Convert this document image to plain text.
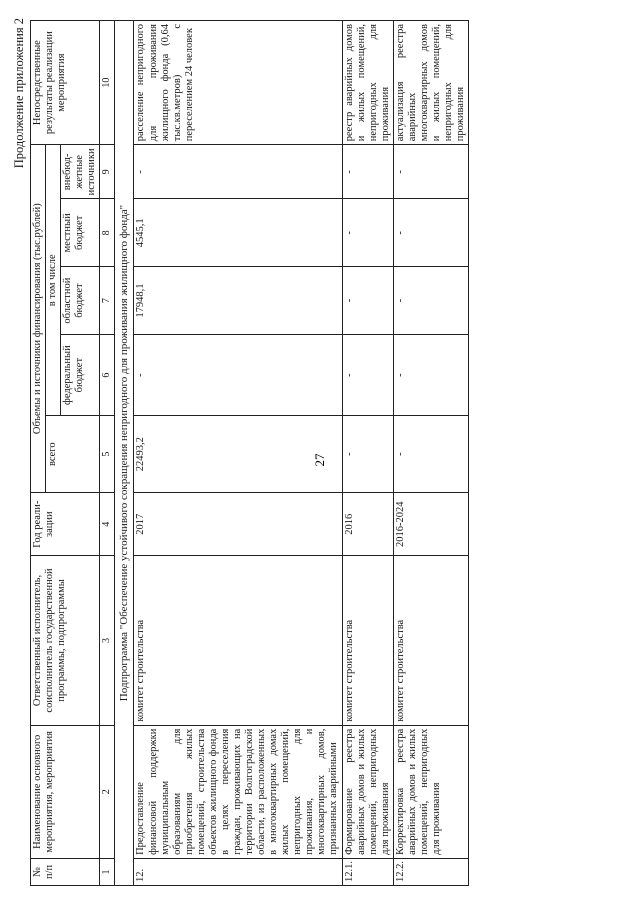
Продолжение приложения 2
№ п/п	Наименование основного мероприятия, мероприятия	Ответственный исполнитель, соисполнитель государственной программы, подпрограммы	Год реали-зации	Объемы и источники финансирования (тыс.рублей)					Непосредственные результаты реализации мероприятия
				всего	в том числе				
					федеральный бюджет	областной бюджет	местный бюджет	внебюд-жетные источники	
1	2	3	4	5	6	7	8	9	10
Подпрограмма "Обеспечение устойчивого сокращения непригодного для проживания жилищного фонда"									
12.	Предоставление финансовой поддержки муниципальным образованиям для приобретения жилых помещений, строительства объектов жилищного фонда в целях переселения граждан, проживающих на территории Волгоградской области, из расположенных в многоквартирных домах жилых помещений, непригодных для проживания, и многоквартирных домов, признанных аварийными	комитет строительства	2017	22493,2	-	17948,1	4545,1	-	расселение непригодного для проживания жилищного фонда (0,64 тыс.кв.метров) с переселением 24 человек
12.1.	Формирование реестра аварийных домов и жилых помещений, непригодных для проживания	комитет строительства	2016	-	-	-	-	-	реестр аварийных домов и жилых помещений, непригодных для проживания
12.2.	Корректировка реестра аварийных домов и жилых помещений, непригодных для проживания	комитет строительства	2016-2024	-	-	-	-	-	актуализация реестра аварийных многоквартирных домов и жилых помещений, непригодных для проживания
27
